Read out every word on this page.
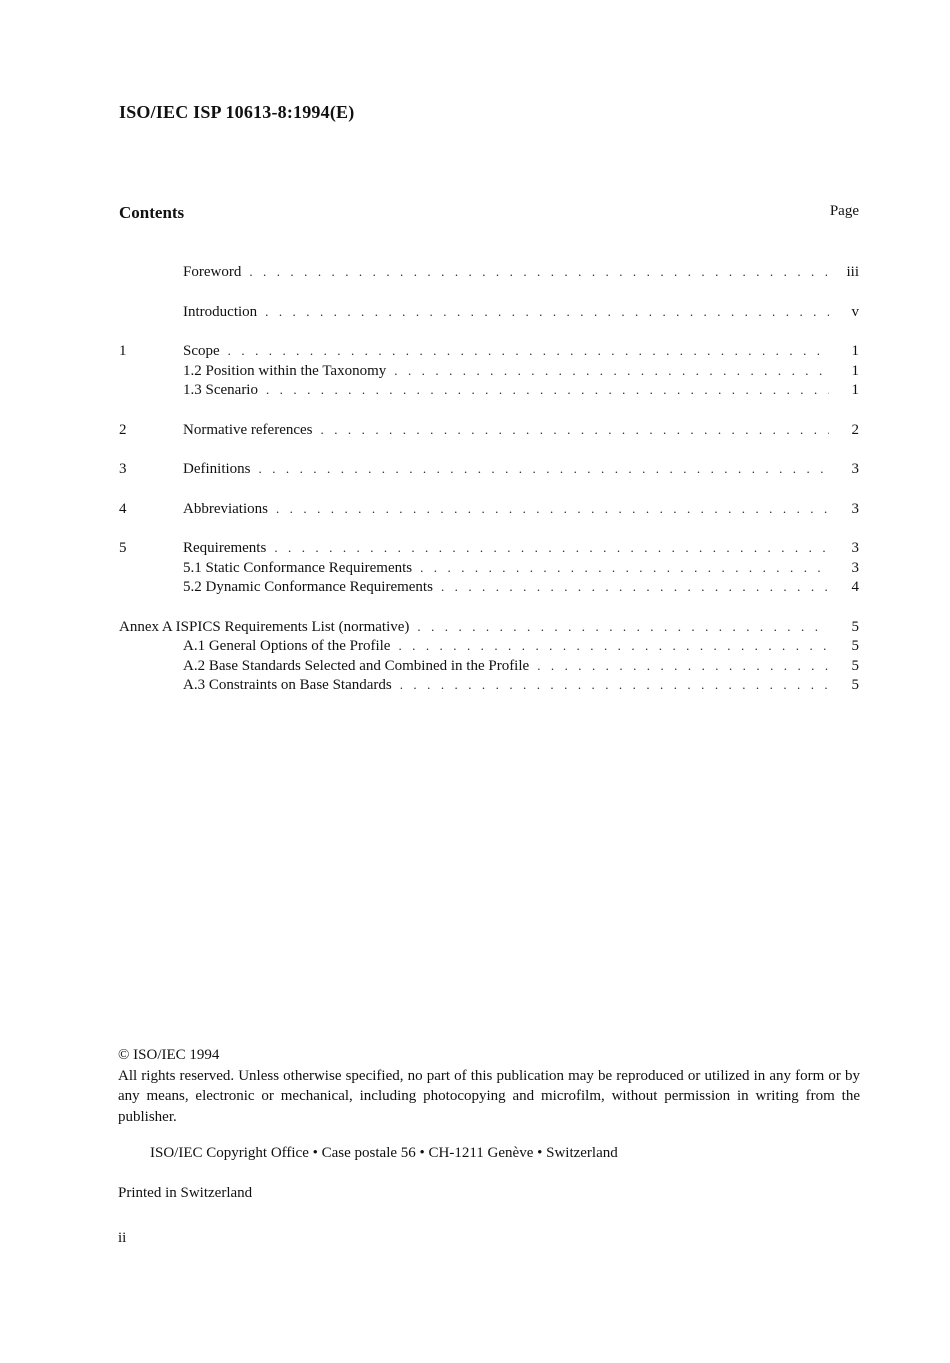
ISO/IEC ISP 10613-8:1994(E)
Contents	Page
Foreword . . .	iii
Introduction . . .	v
1	Scope . . .	1
1.2 Position within the Taxonomy . . .	1
1.3 Scenario . . .	1
2	Normative references . . .	2
3	Definitions . . .	3
4	Abbreviations . . .	3
5	Requirements . . .	3
5.1 Static Conformance Requirements . . .	3
5.2 Dynamic Conformance Requirements . . .	4
Annex A ISPICS Requirements List (normative) . . .	5
A.1 General Options of the Profile . . .	5
A.2 Base Standards Selected and Combined in the Profile . . .	5
A.3 Constraints on Base Standards . . .	5

© ISO/IEC 1994

All rights reserved. Unless otherwise specified, no part of this publication may be reproduced or utilized in any form or by any means, electronic or mechanical, including photocopying and microfilm, without permission in writing from the publisher.

ISO/IEC Copyright Office • Case postale 56 • CH-1211 Genève • Switzerland
Printed in Switzerland
ii
